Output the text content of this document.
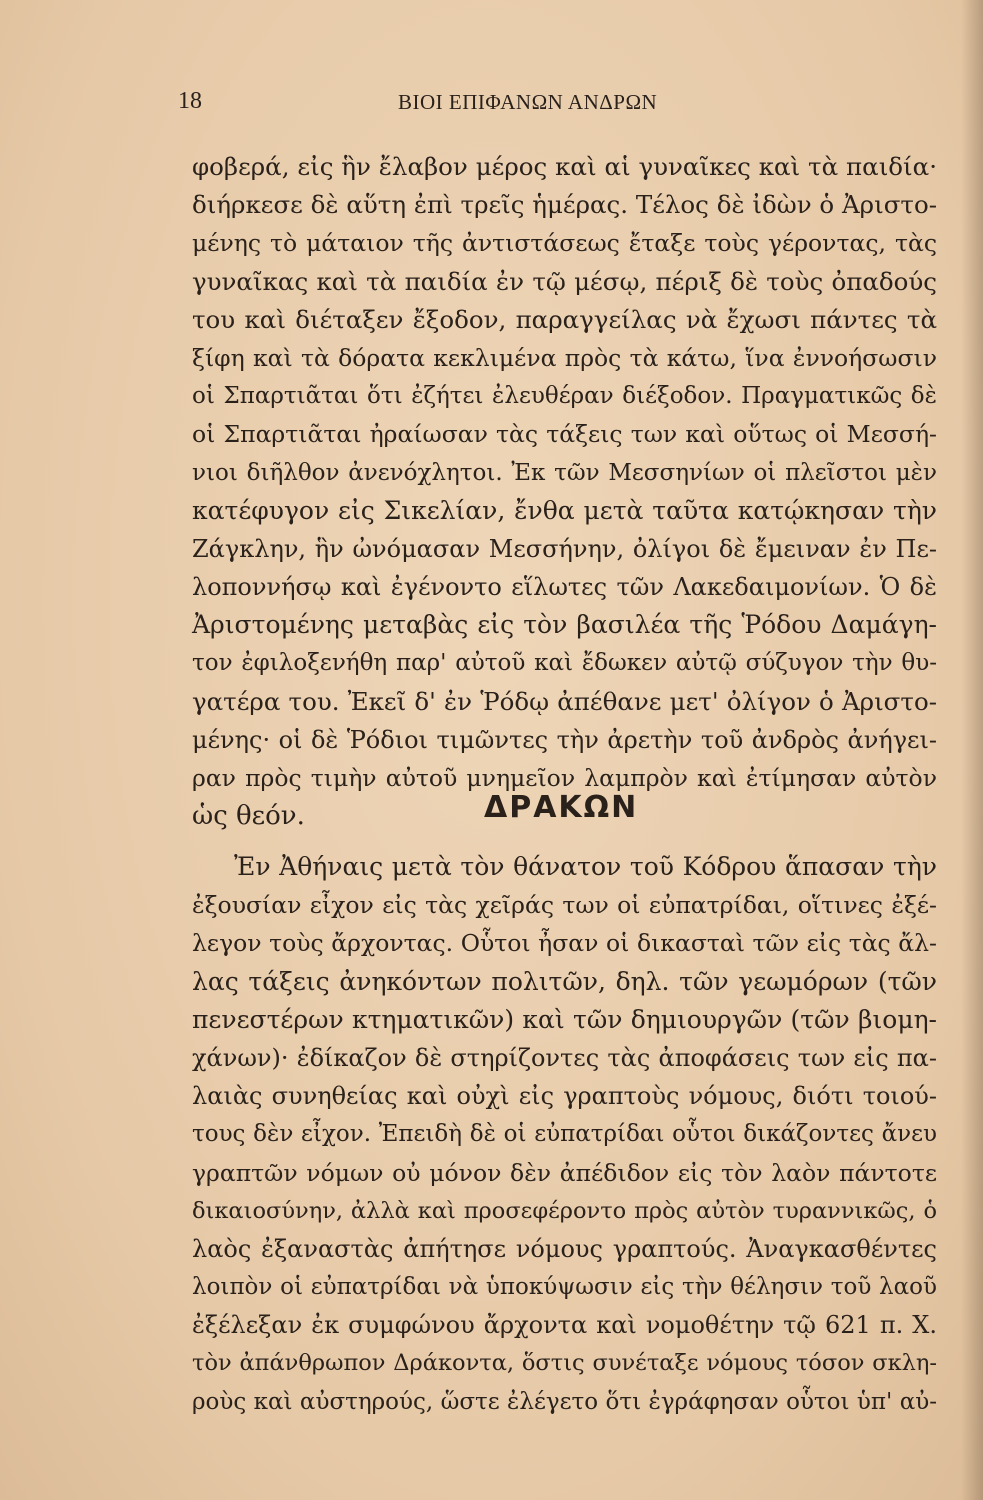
18	ΒΙΟΙ ΕΠΙΦΑΝΩΝ ΑΝΔΡΩΝ
φοβερά, εἰς ἣν ἔλαβον μέρος καὶ αἱ γυναῖκες καὶ τὰ παιδία·
διήρκεσε δὲ αὕτη ἐπὶ τρεῖς ἡμέρας. Τέλος δὲ ἰδὼν ὁ Ἀριστο-
μένης τὸ μάταιον τῆς ἀντιστάσεως ἔταξε τοὺς γέροντας, τὰς
γυναῖκας καὶ τὰ παιδία ἐν τῷ μέσῳ, πέριξ δὲ τοὺς ὀπαδούς
του καὶ διέταξεν ἔξοδον, παραγγείλας νὰ ἔχωσι πάντες τὰ
ξίφη καὶ τὰ δόρατα κεκλιμένα πρὸς τὰ κάτω, ἵνα ἐννοήσωσιν
οἱ Σπαρτιᾶται ὅτι ἐζήτει ἐλευθέραν διέξοδον. Πραγματικῶς δὲ
οἱ Σπαρτιᾶται ἠραίωσαν τὰς τάξεις των καὶ οὕτως οἱ Μεσσή-
νιοι διῆλθον ἀνενόχλητοι. Ἐκ τῶν Μεσσηνίων οἱ πλεῖστοι μὲν
κατέφυγον εἰς Σικελίαν, ἔνθα μετὰ ταῦτα κατῴκησαν τὴν
Ζάγκλην, ἣν ὠνόμασαν Μεσσήνην, ὀλίγοι δὲ ἔμειναν ἐν Πε-
λοποννήσῳ καὶ ἐγένοντο εἵλωτες τῶν Λακεδαιμονίων. Ὁ δὲ
Ἀριστομένης μεταβὰς εἰς τὸν βασιλέα τῆς Ῥόδου Δαμάγη-
τον ἐφιλοξενήθη παρ' αὐτοῦ καὶ ἔδωκεν αὐτῷ σύζυγον τὴν θυ-
γατέρα του. Ἐκεῖ δ' ἐν Ῥόδῳ ἀπέθανε μετ' ὀλίγον ὁ Ἀριστο-
μένης· οἱ δὲ Ῥόδιοι τιμῶντες τὴν ἀρετὴν τοῦ ἀνδρὸς ἀνήγει-
ραν πρὸς τιμὴν αὐτοῦ μνημεῖον λαμπρὸν καὶ ἐτίμησαν αὐτὸν
ὡς θεόν.	ΔΡΑΚΩΝ
Ἐν Ἀθήναις μετὰ τὸν θάνατον τοῦ Κόδρου ἅπασαν τὴν
ἐξουσίαν εἶχον εἰς τὰς χεῖράς των οἱ εὐπατρίδαι, οἵτινες ἐξέ-
λεγον τοὺς ἄρχοντας. Οὗτοι ἦσαν οἱ δικασταὶ τῶν εἰς τὰς ἄλ-
λας τάξεις ἀνηκόντων πολιτῶν, δηλ. τῶν γεωμόρων (τῶν
πενεστέρων κτηματικῶν) καὶ τῶν δημιουργῶν (τῶν βιομη-
χάνων)· ἐδίκαζον δὲ στηρίζοντες τὰς ἀποφάσεις των εἰς πα-
λαιὰς συνηθείας καὶ οὐχὶ εἰς γραπτοὺς νόμους, διότι τοιού-
τους δὲν εἶχον. Ἐπειδὴ δὲ οἱ εὐπατρίδαι οὗτοι δικάζοντες ἄνευ
γραπτῶν νόμων οὐ μόνον δὲν ἀπέδιδον εἰς τὸν λαὸν πάντοτε
δικαιοσύνην, ἀλλὰ καὶ προσεφέροντο πρὸς αὐτὸν τυραννικῶς, ὁ
λαὸς ἐξαναστὰς ἀπήτησε νόμους γραπτούς. Ἀναγκασθέντες
λοιπὸν οἱ εὐπατρίδαι νὰ ὑποκύψωσιν εἰς τὴν θέλησιν τοῦ λαοῦ
ἐξέλεξαν ἐκ συμφώνου ἄρχοντα καὶ νομοθέτην τῷ 621 π. Χ.
τὸν ἀπάνθρωπον Δράκοντα, ὅστις συνέταξε νόμους τόσον σκλη-
ροὺς καὶ αὐστηρούς, ὥστε ἐλέγετο ὅτι ἐγράφησαν οὗτοι ὑπ' αὐ-
